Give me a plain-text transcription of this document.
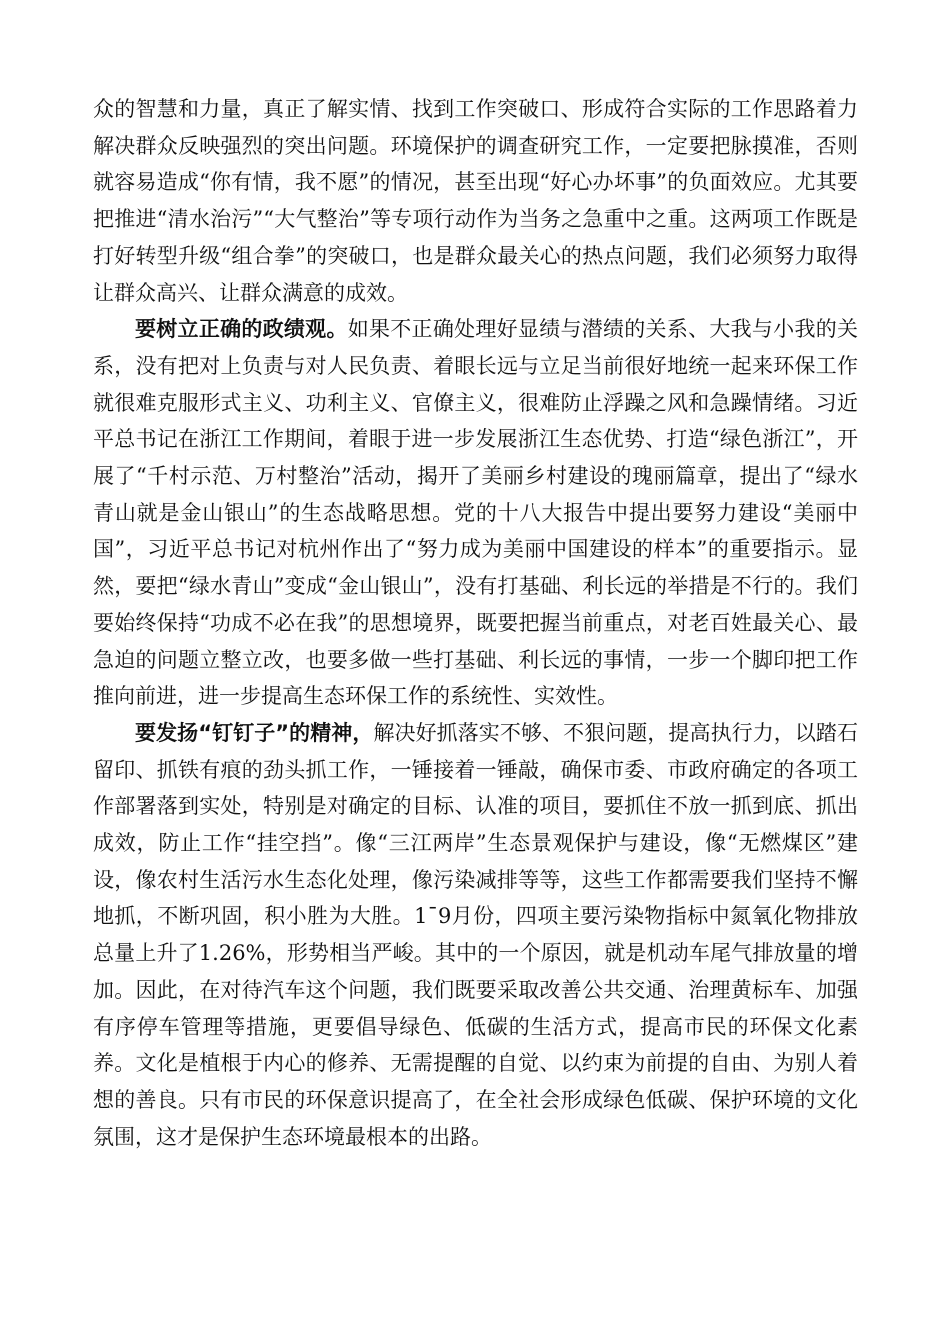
众的智慧和力量，真正了解实情、找到工作突破口、形成符合实际的工作思路着力解决群众反映强烈的突出问题。环境保护的调查研究工作，一定要把脉摸准，否则就容易造成“你有情，我不愿”的情况，甚至出现“好心办坏事”的负面效应。尤其要把推进“清水治污”“大气整治”等专项行动作为当务之急重中之重。这两项工作既是打好转型升级“组合拳”的突破口，也是群众最关心的热点问题，我们必须努力取得让群众高兴、让群众满意的成效。

要树立正确的政绩观。如果不正确处理好显绩与潜绩的关系、大我与小我的关系，没有把对上负责与对人民负责、着眼长远与立足当前很好地统一起来环保工作就很难克服形式主义、功利主义、官僚主义，很难防止浮躁之风和急躁情绪。习近平总书记在浙江工作期间，着眼于进一步发展浙江生态优势、打造“绿色浙江”，开展了“千村示范、万村整治”活动，揭开了美丽乡村建设的瑰丽篇章，提出了“绿水青山就是金山银山”的生态战略思想。党的十八大报告中提出要努力建设“美丽中国”，习近平总书记对杭州作出了“努力成为美丽中国建设的样本”的重要指示。显然，要把“绿水青山”变成“金山银山”，没有打基础、利长远的举措是不行的。我们要始终保持“功成不必在我”的思想境界，既要把握当前重点，对老百姓最关心、最急迫的问题立整立改，也要多做一些打基础、利长远的事情，一步一个脚印把工作推向前进，进一步提高生态环保工作的系统性、实效性。

要发扬“钉钉子”的精神，解决好抓落实不够、不狠问题，提高执行力，以踏石留印、抓铁有痕的劲头抓工作，一锤接着一锤敲，确保市委、市政府确定的各项工作部署落到实处，特别是对确定的目标、认准的项目，要抓住不放一抓到底、抓出成效，防止工作“挂空挡”。像“三江两岸”生态景观保护与建设，像“无燃煤区”建设，像农村生活污水生态化处理，像污染减排等等，这些工作都需要我们坚持不懈地抓，不断巩固，积小胜为大胜。1¯9月份，四项主要污染物指标中氮氧化物排放总量上升了1.26%，形势相当严峻。其中的一个原因，就是机动车尾气排放量的增加。因此，在对待汽车这个问题，我们既要采取改善公共交通、治理黄标车、加强有序停车管理等措施，更要倡导绿色、低碳的生活方式，提高市民的环保文化素养。文化是植根于内心的修养、无需提醒的自觉、以约束为前提的自由、为别人着想的善良。只有市民的环保意识提高了，在全社会形成绿色低碳、保护环境的文化氛围，这才是保护生态环境最根本的出路。
